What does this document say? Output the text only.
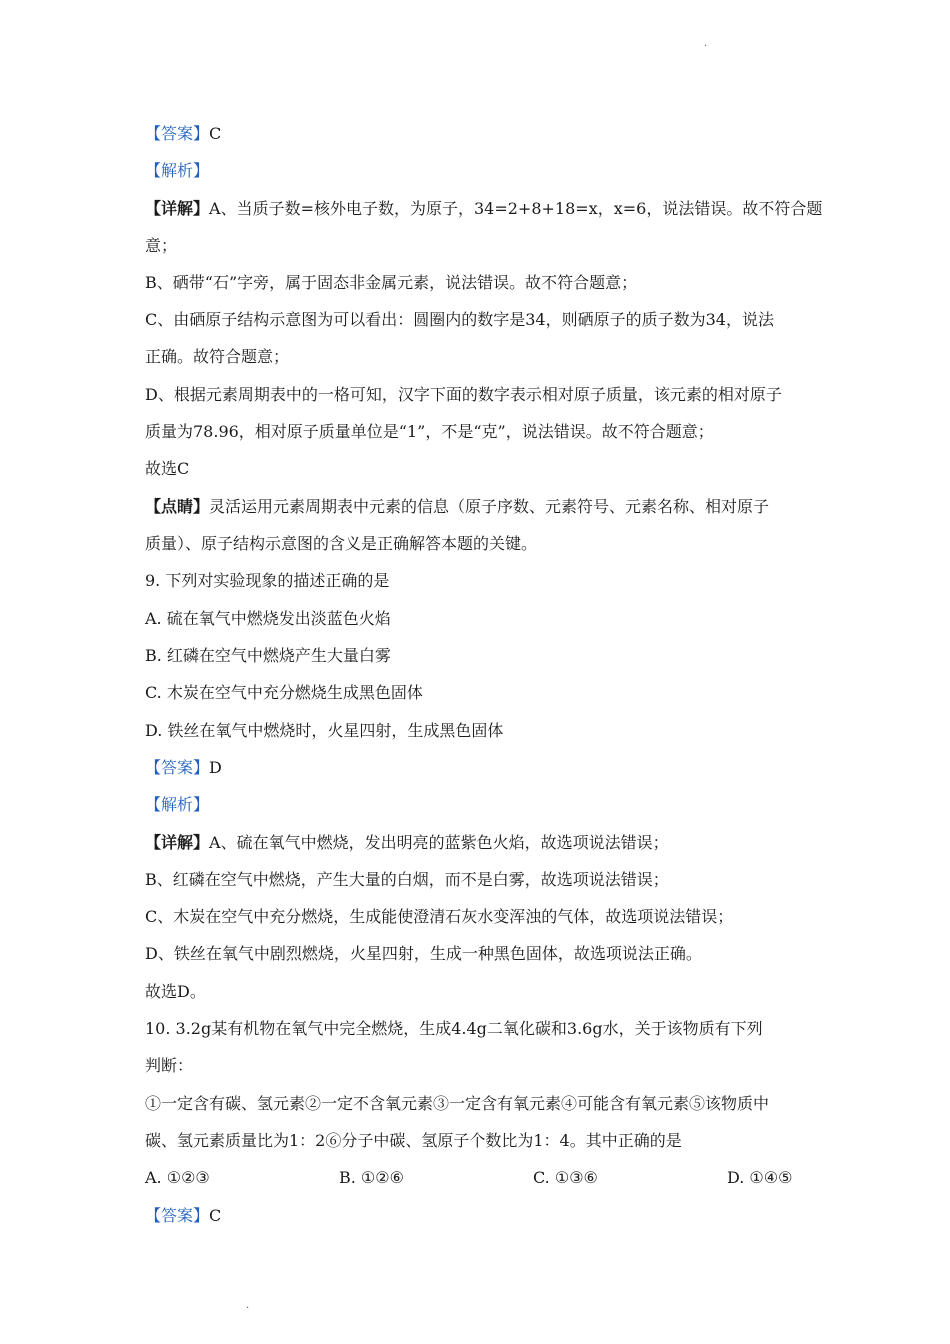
.
.
【答案】C
【解析】
【详解】A、当质子数=核外电子数，为原子，34=2+8+18=x，x=6，说法错误。故不符合题
意；
B、硒带“石”字旁，属于固态非金属元素，说法错误。故不符合题意；
C、由硒原子结构示意图为可以看出：圆圈内的数字是34，则硒原子的质子数为34，说法
正确。故符合题意；
D、根据元素周期表中的一格可知，汉字下面的数字表示相对原子质量，该元素的相对原子
质量为78.96，相对原子质量单位是“1”，不是“克”，说法错误。故不符合题意；
故选C
【点睛】灵活运用元素周期表中元素的信息（原子序数、元素符号、元素名称、相对原子
质量）、原子结构示意图的含义是正确解答本题的关键。
9. 下列对实验现象的描述正确的是
A. 硫在氧气中燃烧发出淡蓝色火焰
B. 红磷在空气中燃烧产生大量白雾
C. 木炭在空气中充分燃烧生成黑色固体
D. 铁丝在氧气中燃烧时，火星四射，生成黑色固体
【答案】D
【解析】
【详解】A、硫在氧气中燃烧，发出明亮的蓝紫色火焰，故选项说法错误；
B、红磷在空气中燃烧，产生大量的白烟，而不是白雾，故选项说法错误；
C、木炭在空气中充分燃烧，生成能使澄清石灰水变浑浊的气体，故选项说法错误；
D、铁丝在氧气中剧烈燃烧，火星四射，生成一种黑色固体，故选项说法正确。
故选D。
10. 3.2g某有机物在氧气中完全燃烧，生成4.4g二氧化碳和3.6g水，关于该物质有下列
判断：
①一定含有碳、氢元素②一定不含氧元素③一定含有氧元素④可能含有氧元素⑤该物质中
碳、氢元素质量比为1：2⑥分子中碳、氢原子个数比为1：4。其中正确的是
A. ①②③	B. ①②⑥	C. ①③⑥	D. ①④⑤
【答案】C
